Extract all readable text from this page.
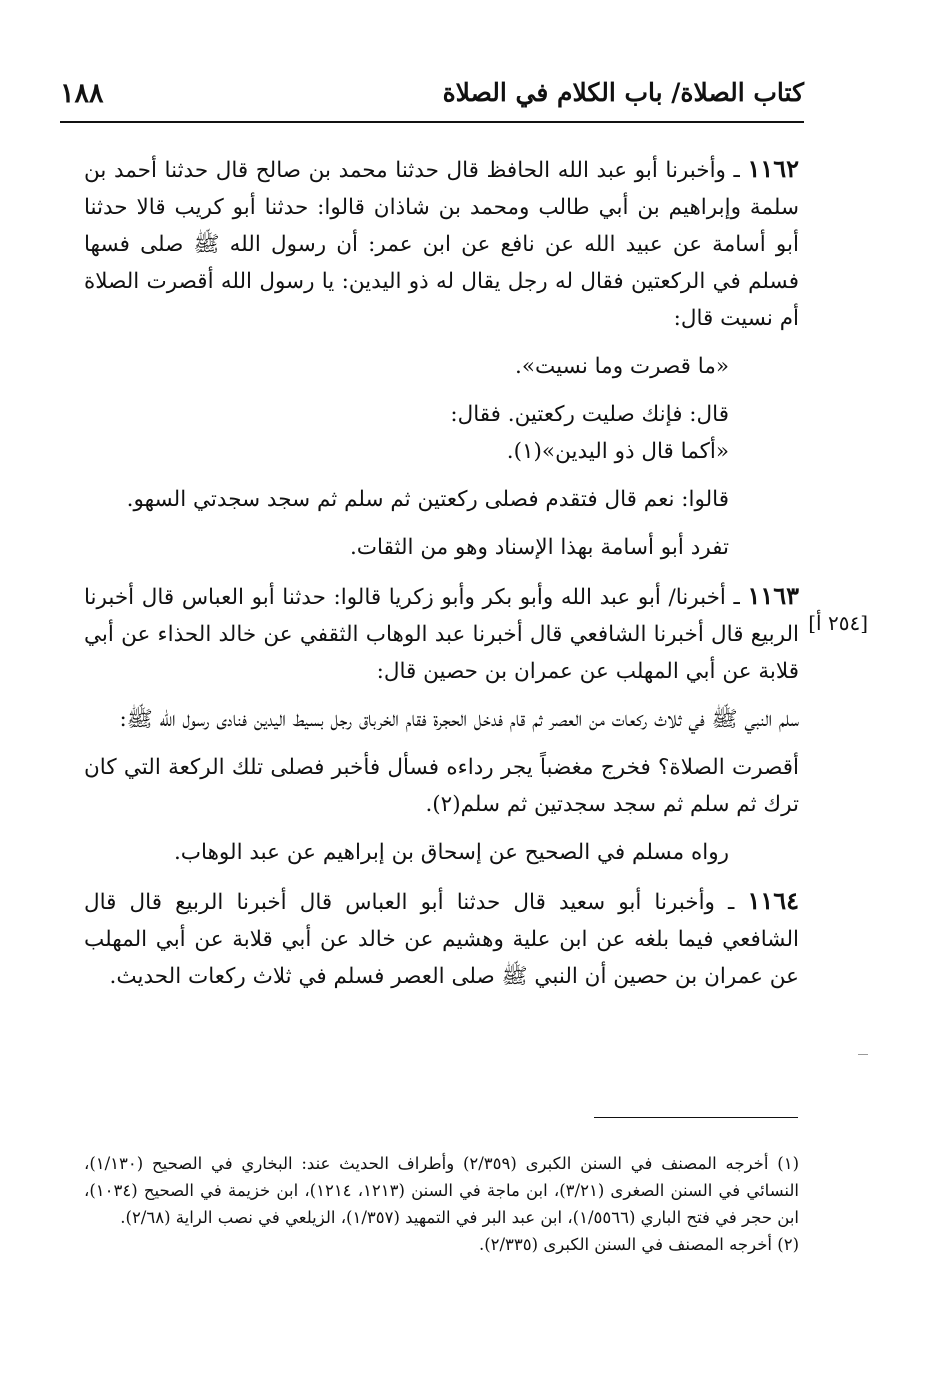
كتاب الصلاة/ باب الكلام في الصلاة
١٨٨
[٢٥٤ أ]

١١٦٢ ـ وأخبرنا أبو عبد الله الحافظ قال حدثنا محمد بن صالح قال حدثنا أحمد بن سلمة وإبراهيم بن أبي طالب ومحمد بن شاذان قالوا: حدثنا أبو كريب قالا حدثنا أبو أسامة عن عبيد الله عن نافع عن ابن عمر: أن رسول الله ﷺ صلى فسها فسلم في الركعتين فقال له رجل يقال له ذو اليدين: يا رسول الله أقصرت الصلاة أم نسيت قال:

«ما قصرت وما نسيت».

قال: فإنك صليت ركعتين. فقال:

«أكما قال ذو اليدين»(١).

قالوا: نعم قال فتقدم فصلى ركعتين ثم سلم ثم سجد سجدتي السهو.

تفرد أبو أسامة بهذا الإسناد وهو من الثقات.

١١٦٣ ـ أخبرنا/ أبو عبد الله وأبو بكر وأبو زكريا قالوا: حدثنا أبو العباس قال أخبرنا الربيع قال أخبرنا الشافعي قال أخبرنا عبد الوهاب الثقفي عن خالد الحذاء عن أبي قلابة عن أبي المهلب عن عمران بن حصين قال:

سلم النبي ﷺ في ثلاث ركعات من العصر ثم قام فدخل الحجرة فقام الخرباق رجل بسيط اليدين فنادى رسول الله ﷺ:

أقصرت الصلاة؟ فخرج مغضباً يجر رداءه فسأل فأخبر فصلى تلك الركعة التي كان ترك ثم سلم ثم سجد سجدتين ثم سلم(٢).

رواه مسلم في الصحيح عن إسحاق بن إبراهيم عن عبد الوهاب.

١١٦٤ ـ وأخبرنا أبو سعيد قال حدثنا أبو العباس قال أخبرنا الربيع قال قال الشافعي فيما بلغه عن ابن علية وهشيم عن خالد عن أبي قلابة عن أبي المهلب عن عمران بن حصين أن النبي ﷺ صلى العصر فسلم في ثلاث ركعات الحديث.

(١) أخرجه المصنف في السنن الكبرى (٢/٣٥٩) وأطراف الحديث عند: البخاري في الصحيح (١/١٣٠)، النسائي في السنن الصغرى (٣/٢١)، ابن ماجة في السنن (١٢١٣، ١٢١٤)، ابن خزيمة في الصحيح (١٠٣٤)، ابن حجر في فتح الباري (١/٥٥٦٦)، ابن عبد البر في التمهيد (١/٣٥٧)، الزيلعي في نصب الراية (٢/٦٨).

(٢) أخرجه المصنف في السنن الكبرى (٢/٣٣٥).
